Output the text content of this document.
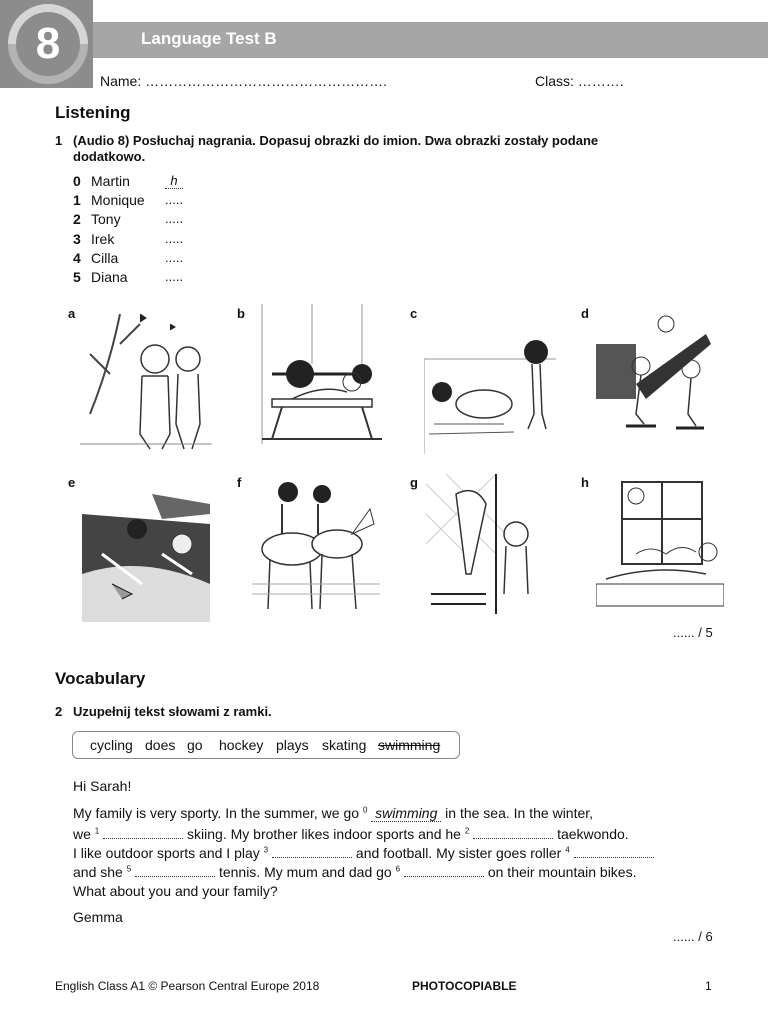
8	Language Test B
Name: …………………………………………….	Class: ……….
Listening
1 (Audio 8) Posłuchaj nagrania. Dopasuj obrazki do imion. Dwa obrazki zostały podane
dodatkowo.
0 Martin	h
1 Monique .....
2 Tony	.....
3 Irek	.....
4 Cilla	.....
5 Diana	.....
a	b	c	d
e	f	g	h
...... / 5
Vocabulary
2 Uzupełnij tekst słowami z ramki.
cycling does go hockey plays skating swimming
Hi Sarah!
My family is very sporty. In the summer, we go $^0$ swimming in the sea. In the winter,
we $^1$	skiing. My brother likes indoor sports and he $^2$	taekwondo.
I like outdoor sports and I play $^3$	and football. My sister goes roller $^4$
and she $^5$	tennis. My mum and dad go $^6$	on their mountain bikes.
What about you and your family?
Gemma
...... / 6
English Class A1 © Pearson Central Europe 2018	PHOTOCOPIABLE	1
